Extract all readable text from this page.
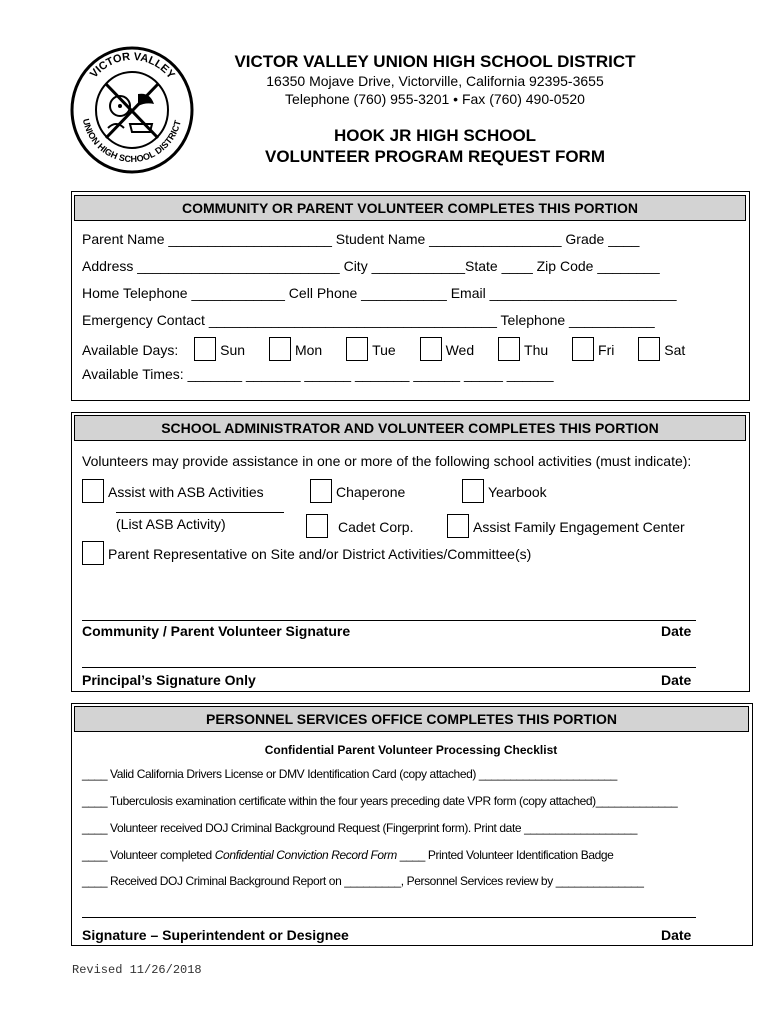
VICTOR VALLEY
UNION HIGH SCHOOL DISTRICT
VICTOR VALLEY UNION HIGH SCHOOL DISTRICT
16350 Mojave Drive, Victorville, California 92395-3655
Telephone (760) 955-3201 • Fax (760) 490-0520
HOOK JR HIGH SCHOOL
VOLUNTEER PROGRAM REQUEST FORM
COMMUNITY OR PARENT VOLUNTEER COMPLETES THIS PORTION
Parent Name _____________________ Student Name _________________ Grade ____
Address __________________________ City ____________State ____ Zip Code ________
Home Telephone ____________ Cell Phone ___________ Email ________________________
Emergency Contact _____________________________________ Telephone ___________
Available Days:	Sun	Mon	Tue	Wed	Thu	Fri	Sat
Available Times: _______ _______ ______ _______ ______ _____ ______
SCHOOL ADMINISTRATOR AND VOLUNTEER COMPLETES THIS PORTION
Volunteers may provide assistance in one or more of the following school activities (must indicate):
Assist with ASB Activities	Chaperone	Yearbook
(List ASB Activity)	Cadet Corp.	Assist Family Engagement Center
Parent Representative on Site and/or District Activities/Committee(s)
Community / Parent Volunteer Signature	Date
Principal’s Signature Only	Date
PERSONNEL SERVICES OFFICE COMPLETES THIS PORTION
Confidential Parent Volunteer Processing Checklist
____ Valid California Drivers License or DMV Identification Card (copy attached) ______________________
____ Tuberculosis examination certificate within the four years preceding date VPR form (copy attached)_____________
____ Volunteer received DOJ Criminal Background Request (Fingerprint form). Print date __________________
____ Volunteer completed Confidential Conviction Record Form ____ Printed Volunteer Identification Badge
____ Received DOJ Criminal Background Report on _________, Personnel Services review by ______________
Signature – Superintendent or Designee	Date
Revised 11/26/2018
